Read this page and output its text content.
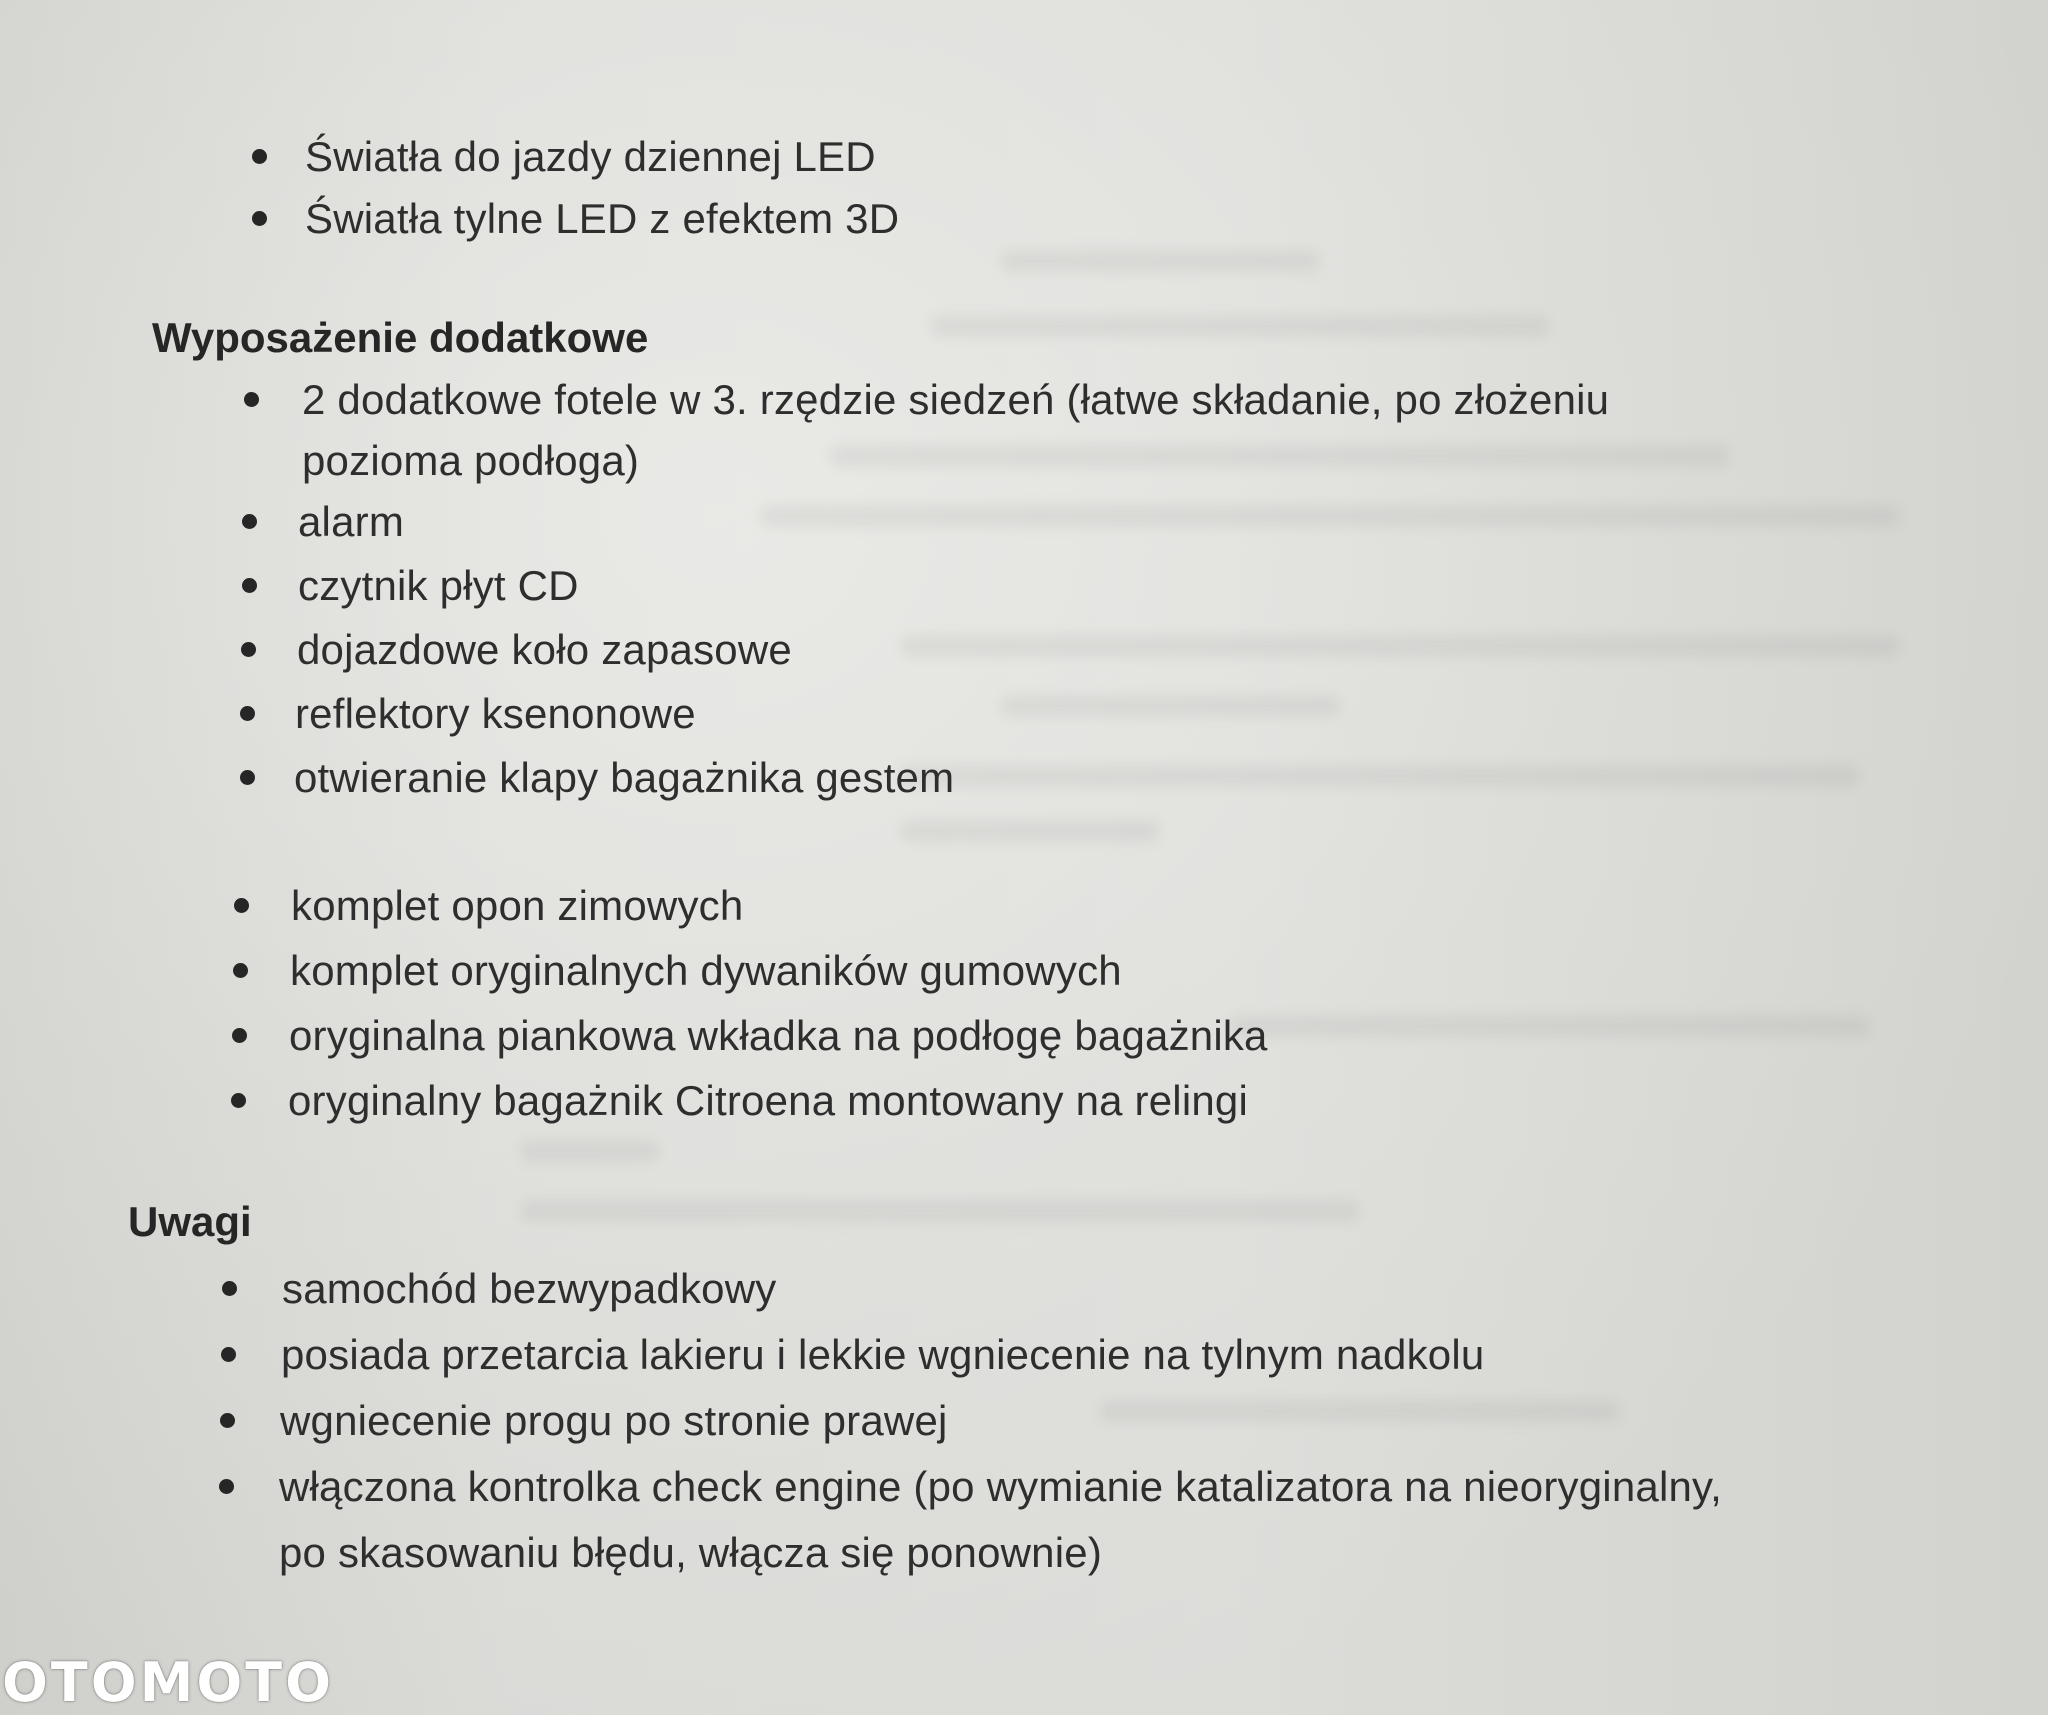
Światła do jazdy dziennej LED
Światła tylne LED z efektem 3D
Wyposażenie dodatkowe
2 dodatkowe fotele w 3. rzędzie siedzeń (łatwe składanie, po złożeniu
pozioma podłoga)
alarm
czytnik płyt CD
dojazdowe koło zapasowe
reflektory ksenonowe
otwieranie klapy bagażnika gestem
komplet opon zimowych
komplet oryginalnych dywaników gumowych
oryginalna piankowa wkładka na podłogę bagażnika
oryginalny bagażnik Citroena montowany na relingi
Uwagi
samochód bezwypadkowy
posiada przetarcia lakieru i lekkie wgniecenie na tylnym nadkolu
wgniecenie progu po stronie prawej
włączona kontrolka check engine (po wymianie katalizatora na nieoryginalny,
po skasowaniu błędu, włącza się ponownie)
OTOMOTO
